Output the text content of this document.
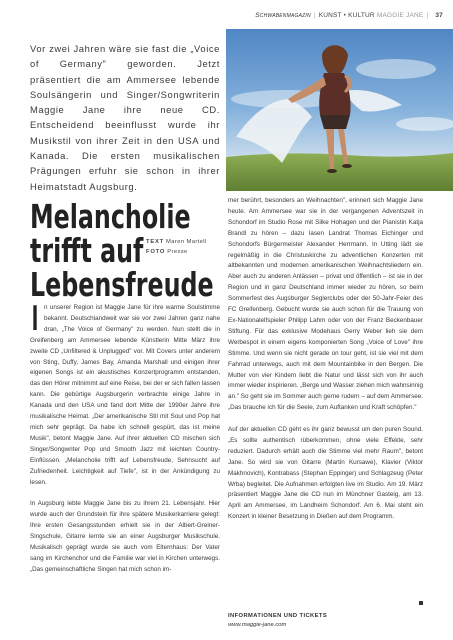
Schwabenmagazin | KUNST • KULTUR MAGGIE JANE | 37
Vor zwei Jahren wäre sie fast die „Voice of Germany" geworden. Jetzt präsentiert die am Ammersee lebende Soulsängerin und Singer/Songwriterin Maggie Jane ihre neue CD. Entscheidend beeinflusst wurde ihr Musikstil von ihrer Zeit in den USA und Kanada. Die ersten musikalischen Prägungen erfuhr sie schon in ihrer Heimatstadt Augsburg.
Melancholie
trifft auf
Lebensfreude
TEXT Maren Martell
FOTO Presse

In unserer Region ist Maggie Jane für ihre warme Soulstimme bekannt. Deutschlandweit war sie vor zwei Jahren ganz nahe dran, „The Voice of Germany" zu werden. Nun stellt die in Greifenberg am Ammersee lebende Künstlerin Mitte März ihre zweite CD „Unfiltered & Unplugged" vor. Mit Covers unter anderem von Sting, Duffy, James Bay, Amanda Marshall und einigen ihrer eigenen Songs ist ein akustisches Konzertprogramm entstanden, das den Hörer mitnimmt auf eine Reise, bei der er sich fallen lassen kann. Die gebürtige Augsburgerin verbrachte einige Jahre in Kanada und den USA und fand dort Mitte der 1990er Jahre ihre musikalische Heimat. „Der amerikanische Stil mit Soul und Pop hat mich sehr geprägt. Da habe ich schnell gespürt, das ist meine Musik", betont Maggie Jane. Auf ihrer aktuellen CD mischen sich Singer/Songwriter Pop und Smooth Jazz mit leichten Country-Einflüssen. „Melancholie trifft auf Lebensfreude, Sehnsucht auf Zufriedenheit. Leichtigkeit auf Tiefe", ist in der Ankündigung zu lesen.

In Augsburg lebte Maggie Jane bis zu ihrem 21. Lebensjahr. Hier wurde auch der Grundstein für ihre spätere Musikerkarriere gelegt: Ihre ersten Gesangsstunden erhielt sie in der Albert-Greiner-Singschule, Gitarre lernte sie an einer Augsburger Musikschule. Musikalisch geprägt wurde sie auch vom Elternhaus: Der Vater sang im Kirchenchor und die Familie war viel in Kirchen unterwegs. „Das gemeinschaftliche Singen hat mich schon im-

mer berührt, besonders an Weihnachten", erinnert sich Maggie Jane heute. Am Ammersee war sie in der vergangenen Adventszeit in Schondorf im Studio Rose mit Silke Hohagen und der Pianistin Katja Brandl zu hören – dazu lasen Landrat Thomas Eichinger und Schondorfs Bürgermeister Alexander Herrmann. In Utting lädt sie regelmäßig in die Christuskirche zu adventlichen Konzerten mit altbekannten und modernen amerikanischen Weihnachtsliedern ein. Aber auch zu anderen Anlässen – privat und öffentlich – ist sie in der Region und in ganz Deutschland immer wieder zu hören, so beim Sommerfest des Augsburger Seglerclubs oder der 50-Jahr-Feier des FC Greifenberg. Gebucht wurde sie auch schon für die Trauung von Ex-Nationalelfspieler Philipp Lahm oder von der Franz Beckenbauer Stiftung. Für das exklusive Modehaus Gerry Weber lieh sie dem Werbespot in einem eigens komponierten Song „Voice of Love" ihre Stimme. Und wenn sie nicht gerade on tour geht, ist sie viel mit dem Fahrrad unterwegs, auch mit dem Mountainbike in den Bergen. Die Mutter von vier Kindern liebt die Natur und lässt sich von ihr auch immer wieder inspirieren. „Berge und Wasser ziehen mich wahnsinnig an." So geht sie im Sommer auch gerne rudern – auf dem Ammersee. „Das brauche ich für die Seele, zum Auftanken und Kraft schöpfen."

Auf der aktuellen CD geht es ihr ganz bewusst um den puren Sound. „Es sollte authentisch rüberkommen, ohne viele Effekte, sehr reduziert. Dadurch erhält auch die Stimme viel mehr Raum", betont Jane. So wird sie von Gitarre (Martin Kursawe), Klavier (Viktor Makhnovich), Kontrabass (Stephan Eppinger) und Schlagzeug (Peter Wrba) begleitet. Die Aufnahmen erfolgten live im Studio. Am 19. März präsentiert Maggie Jane die CD nun im Münchner Gasteig, am 13. April am Ammersee, im Landheim Schondorf. Am 6. Mai steht ein Konzert in kleiner Besetzung in Dießen auf dem Programm.

INFORMATIONEN UND TICKETS
www.maggie-jane.com
